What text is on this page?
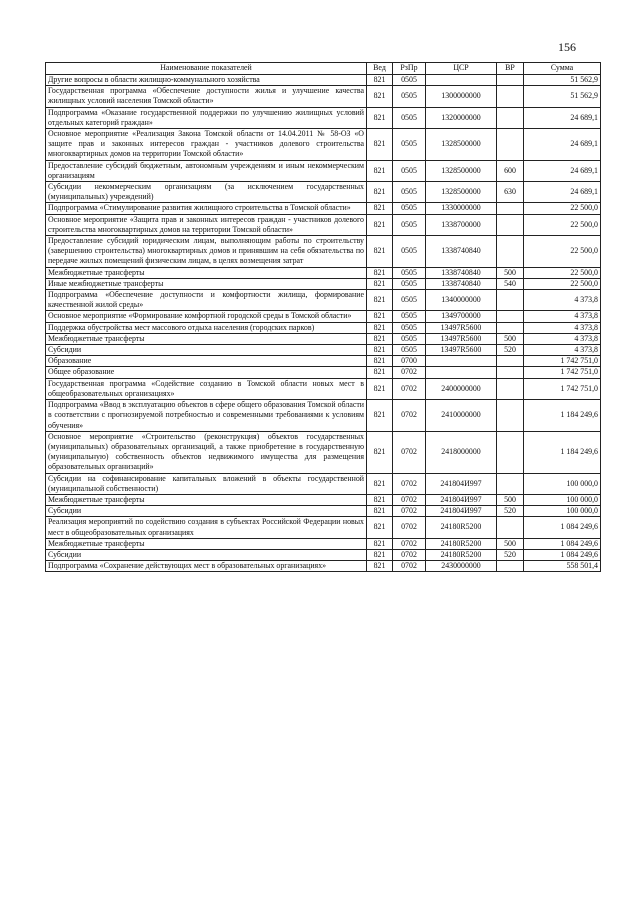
156
Наименование показателей	Вед	РзПр	ЦСР	ВР	Сумма
Другие вопросы в области жилищно-коммунального хозяйства	821	0505			51 562,9
Государственная программа «Обеспечение доступности жилья и улучшение качества жилищных условий населения Томской области»	821	0505	1300000000		51 562,9
Подпрограмма «Оказание государственной поддержки по улучшению жилищных условий отдельных категорий граждан»	821	0505	1320000000		24 689,1
Основное мероприятие «Реализация Закона Томской области от 14.04.2011 № 58-ОЗ «О защите прав и законных интересов граждан - участников долевого строительства многоквартирных домов на территории Томской области»	821	0505	1328500000		24 689,1
Предоставление субсидий бюджетным, автономным учреждениям и иным некоммерческим организациям	821	0505	1328500000	600	24 689,1
Субсидии некоммерческим организациям (за исключением государственных (муниципальных) учреждений)	821	0505	1328500000	630	24 689,1
Подпрограмма «Стимулирование развития жилищного строительства в Томской области»	821	0505	1330000000		22 500,0
Основное мероприятие «Защита прав и законных интересов граждан - участников долевого строительства многоквартирных домов на территории Томской области»	821	0505	1338700000		22 500,0
Предоставление субсидий юридическим лицам, выполняющим работы по строительству (завершению строительства) многоквартирных домов и принявшим на себя обязательства по передаче жилых помещений физическим лицам, в целях возмещения затрат	821	0505	1338740840		22 500,0
Межбюджетные трансферты	821	0505	1338740840	500	22 500,0
Иные межбюджетные трансферты	821	0505	1338740840	540	22 500,0
Подпрограмма «Обеспечение доступности и комфортности жилища, формирование качественной жилой среды»	821	0505	1340000000		4 373,8
Основное мероприятие «Формирование комфортной городской среды в Томской области»	821	0505	1349700000		4 373,8
Поддержка обустройства мест массового отдыха населения (городских парков)	821	0505	13497R5600		4 373,8
Межбюджетные трансферты	821	0505	13497R5600	500	4 373,8
Субсидии	821	0505	13497R5600	520	4 373,8
Образование	821	0700			1 742 751,0
Общее образование	821	0702			1 742 751,0
Государственная программа «Содействие созданию в Томской области новых мест в общеобразовательных организациях»	821	0702	2400000000		1 742 751,0
Подпрограмма «Ввод в эксплуатацию объектов в сфере общего образования Томской области в соответствии с прогнозируемой потребностью и современными требованиями к условиям обучения»	821	0702	2410000000		1 184 249,6
Основное мероприятие «Строительство (реконструкция) объектов государственных (муниципальных) образовательных организаций, а также приобретение в государственную (муниципальную) собственность объектов недвижимого имущества для размещения образовательных организаций»	821	0702	2418000000		1 184 249,6
Субсидии на софинансирование капитальных вложений в объекты государственной (муниципальной собственности)	821	0702	241804И997		100 000,0
Межбюджетные трансферты	821	0702	241804И997	500	100 000,0
Субсидии	821	0702	241804И997	520	100 000,0
Реализация мероприятий по содействию создания в субъектах Российской Федерации новых мест в общеобразовательных организациях	821	0702	24180R5200		1 084 249,6
Межбюджетные трансферты	821	0702	24180R5200	500	1 084 249,6
Субсидии	821	0702	24180R5200	520	1 084 249,6
Подпрограмма «Сохранение действующих мест в образовательных организациях»	821	0702	2430000000		558 501,4
